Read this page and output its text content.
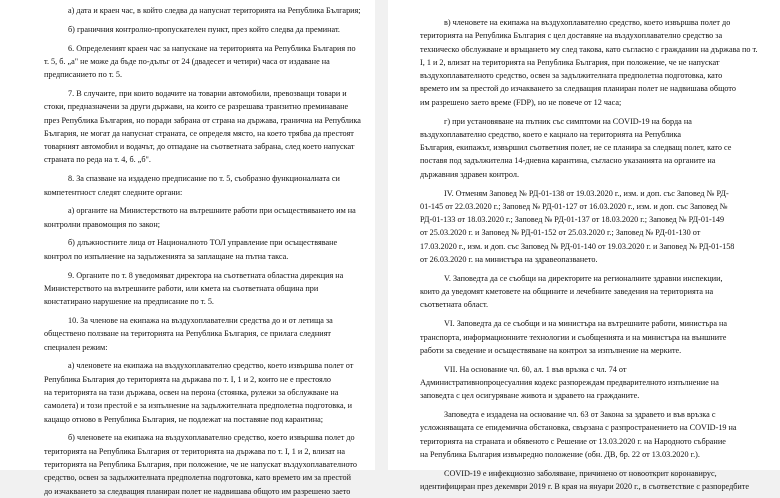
а) дата и краен час, в който следва да напуснат територията на Република България;

б) граничния контролно-пропускателен пункт, през който следва да преминат.

6. Определеният краен час за напускане на територията на Република България по

т. 5, б. „а" не може да бъде по-дълъг от 24 (двадесет и четири) часа от издаване на

предписанието по т. 5.

7. В случаите, при които водачите на товарни автомобили, превозващи товари и

стоки, предназначени за други държави, на които се разрешава транзитно преминаване

през Република България, но поради забрана от страна на държава, гранична на Република

България, не могат да напуснат страната, се определя място, на което трябва да престоят

товарният автомобил и водачът, до отпадане на съответната забрана, след което напускат

страната по реда на т. 4, б. „б".

8. За спазване на издадено предписание по т. 5, съобразно функционалната си

компетентност следят следните органи:

а) органите на Министерството на вътрешните работи при осъществяването им на

контролни правомощия по закон;

б) длъжностните лица от Националното ТОЛ управление при осъществяване

контрол по изпълнение на задълженията за заплащане на пътна такса.

9. Органите по т. 8 уведомяват директора на съответната областна дирекция на

Министерството на вътрешните работи, или кмета на съответната община при

констатирано нарушение на предписание по т. 5.

10. За членове на екипажа на въздухоплавателни средства до и от летища за

обществено ползване на територията на Република България, се прилага следният

специален режим:

а) членовете на екипажа на въздухоплавателно средство, което извършва полет от

Република България до територията на държава по т. I, 1 и 2, които не е престояло

на територията на тази държава, освен на перона (стоянка, рулежи за обслужване на

самолета) и този престой е за изпълнение на задължителната предполетна подготовка, и

кацащо отново в Република България, не подлежат на поставяне под карантина;

б) членовете на екипажа на въздухоплавателно средство, което извършва полет до

територията на Република България от територията на държава по т. I, 1 и 2, влизат на

територията на Република България, при положение, че не напускат въздухоплавателното

средство, освен за задължителната предполетна подготовка, като времето им за престой

до изчакването за следващия планиран полет не надвишава общото им разрешено заето

в) членовете на екипажа на въздухоплавателно средство, което извършва полет до

територията на Република България с цел доставяне на въздухоплавателно средство за

техническо обслужване и връщането му след такова, като съгласно с гражданин на държава по т.

I, 1 и 2, влизат на територията на Република България, при положение, че не напускат

въздухоплавателното средство, освен за задължителната предполетна подготовка, като

времето им за престой до изчакването за следващия планиран полет не надвишава общото

им разрешено заето време (FDP), но не повече от 12 часа;

г) при установяване на пътник със симптоми на COVID-19 на борда на

въздухоплавателно средство, което е кацнало на територията на Република

България, екипажът, извършил съответния полет, не се планира за следващ полет, като се

поставя под задължителна 14-дневна карантина, съгласно указанията на органите на

държавния здравен контрол.

IV. Отменям Заповед № РД-01-138 от 19.03.2020 г., изм. и доп. със Заповед № РД-

01-145 от 22.03.2020 г.; Заповед № РД-01-127 от 16.03.2020 г., изм. и доп. със Заповед №

РД-01-133 от 18.03.2020 г.; Заповед № РД-01-137 от 18.03.2020 г.; Заповед № РД-01-149

от 25.03.2020 г. и Заповед № РД-01-152 от 25.03.2020 г.; Заповед № РД-01-130 от

17.03.2020 г., изм. и доп. със Заповед № РД-01-140 от 19.03.2020 г. и Заповед № РД-01-158

от 26.03.2020 г. на министъра на здравеопазването.

V. Заповедта да се съобщи на директорите на регионалните здравни инспекции,

които да уведомят кметовете на общините и лечебните заведения на територията на

съответната област.

VI. Заповедта да се съобщи и на министъра на вътрешните работи, министъра на

транспорта, информационните технологии и съобщенията и на министъра на външните

работи за сведение и осъществяване на контрол за изпълнение на мерките.

VII. На основание чл. 60, ал. 1 във връзка с чл. 74 от

Административнопроцесуалния кодекс разпореждам предварителното изпълнение на

заповедта с цел осигуряване живота и здравето на гражданите.

Заповедта е издадена на основание чл. 63 от Закона за здравето и във връзка с

усложняващата се епидемична обстановка, свързана с разпространението на COVID-19 на

територията на страната и обявеното с Решение от 13.03.2020 г. на Народното събрание

на Република България извънредно положение (обн. ДВ, бр. 22 от 13.03.2020 г.).

COVID-19 е инфекциозно заболяване, причинено от новооткрит коронавирус,

идентифициран през декември 2019 г. В края на януари 2020 г., в съответствие с разпоредбите
